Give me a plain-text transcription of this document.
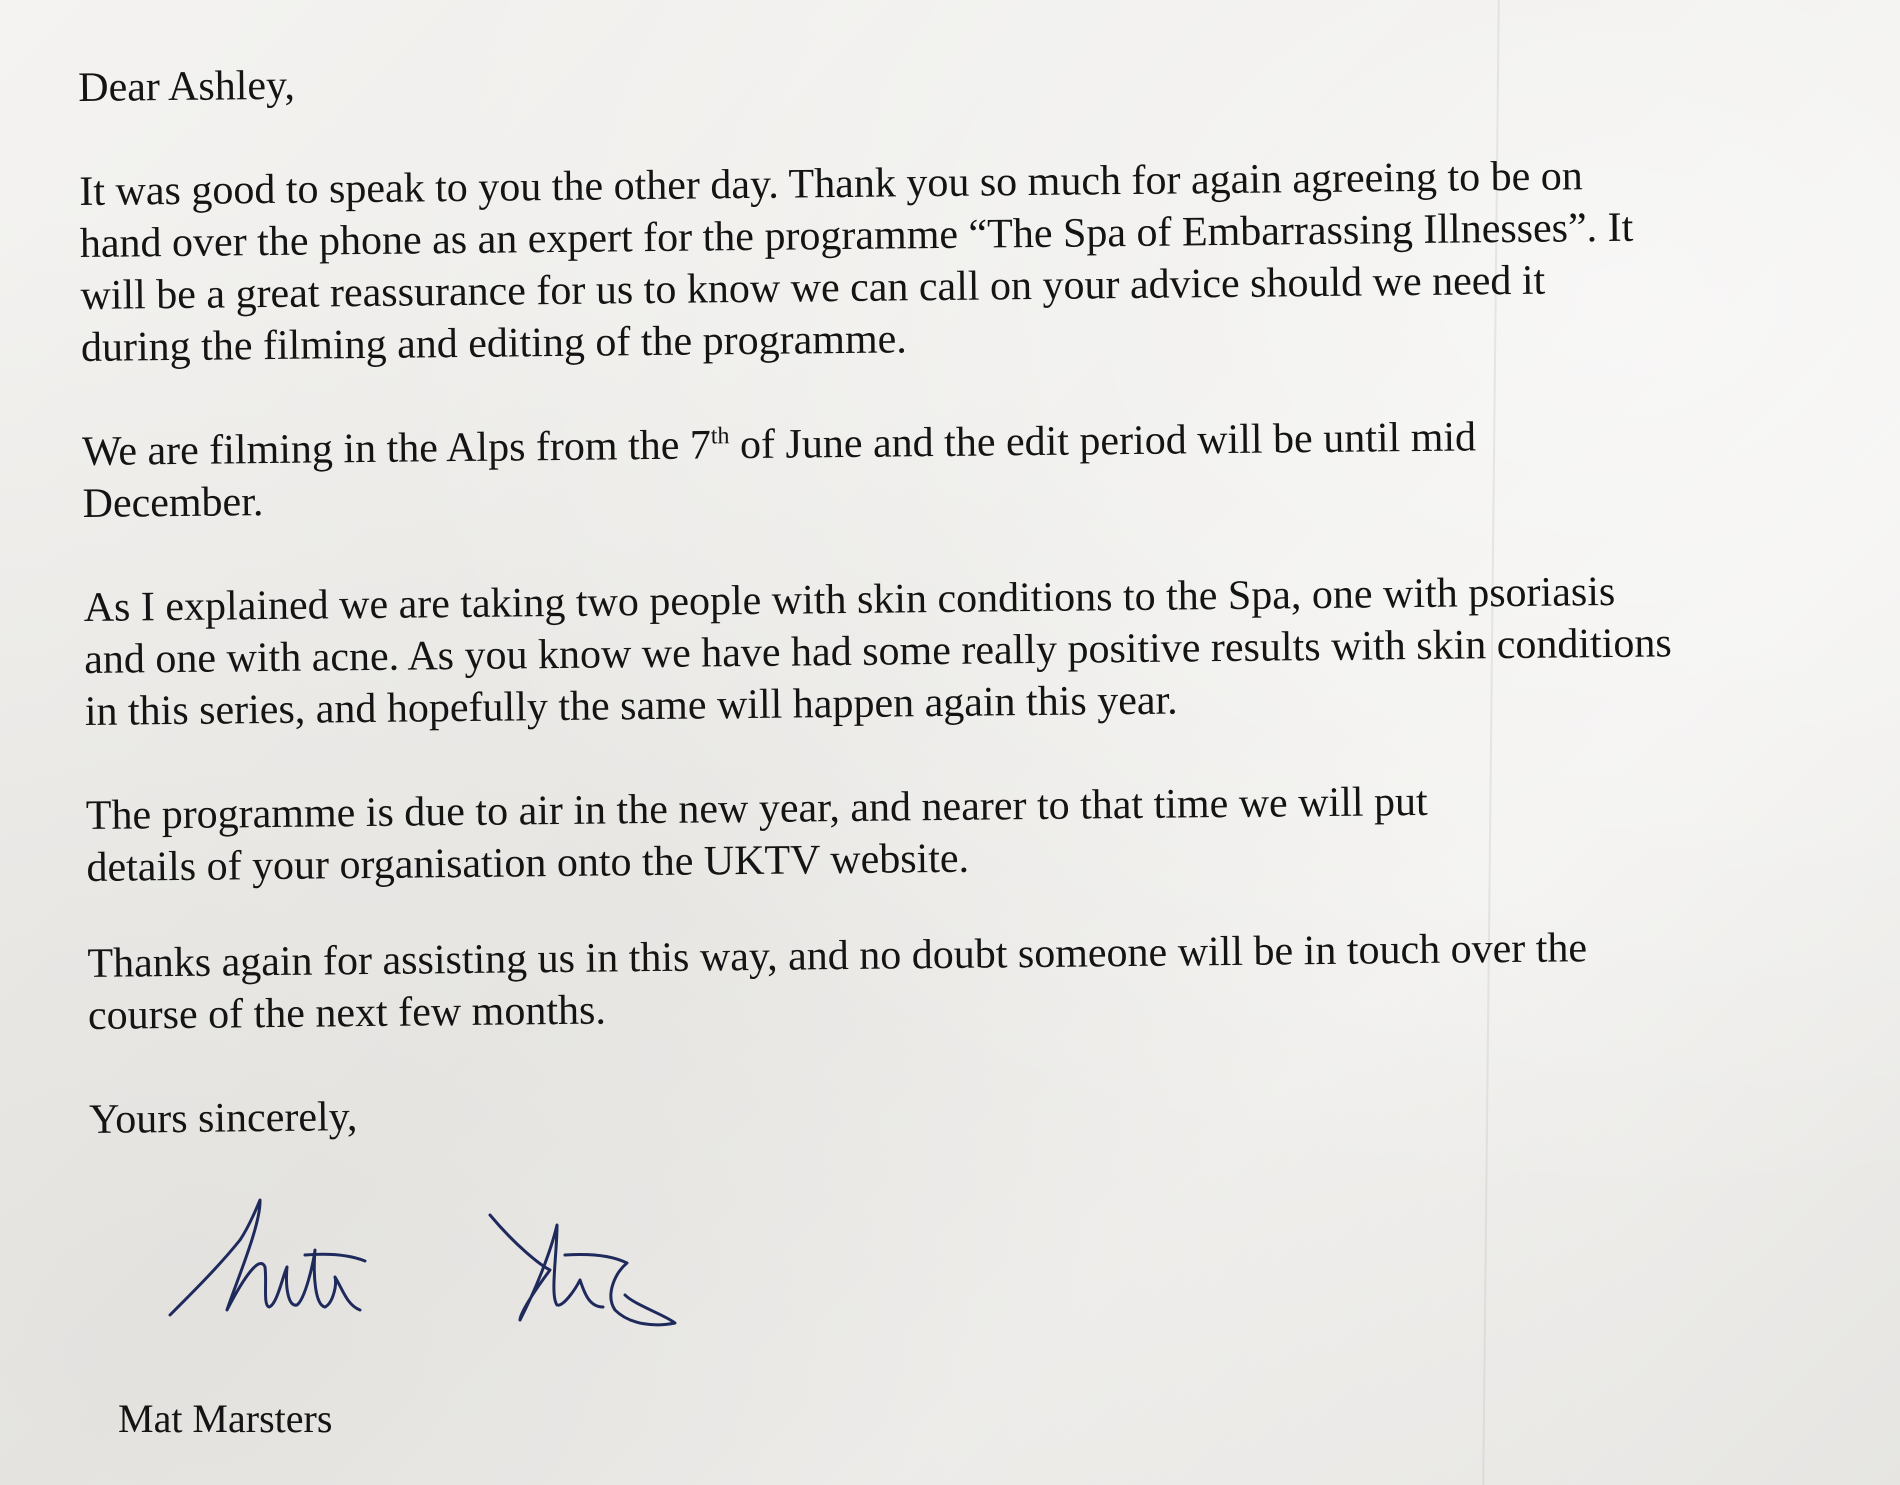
Dear Ashley,

It was good to speak to you the other day. Thank you so much for again agreeing to be on hand over the phone as an expert for the programme “The Spa of Embarrassing Illnesses”. It will be a great reassurance for us to know we can call on your advice should we need it during the filming and editing of the programme.

We are filming in the Alps from the 7th of June and the edit period will be until mid December.

As I explained we are taking two people with skin conditions to the Spa, one with psoriasis and one with acne. As you know we have had some really positive results with skin conditions in this series, and hopefully the same will happen again this year.

The programme is due to air in the new year, and nearer to that time we will put details of your organisation onto the UKTV website.

Thanks again for assisting us in this way, and no doubt someone will be in touch over the course of the next few months.

Yours sincerely,

Mat Marsters
